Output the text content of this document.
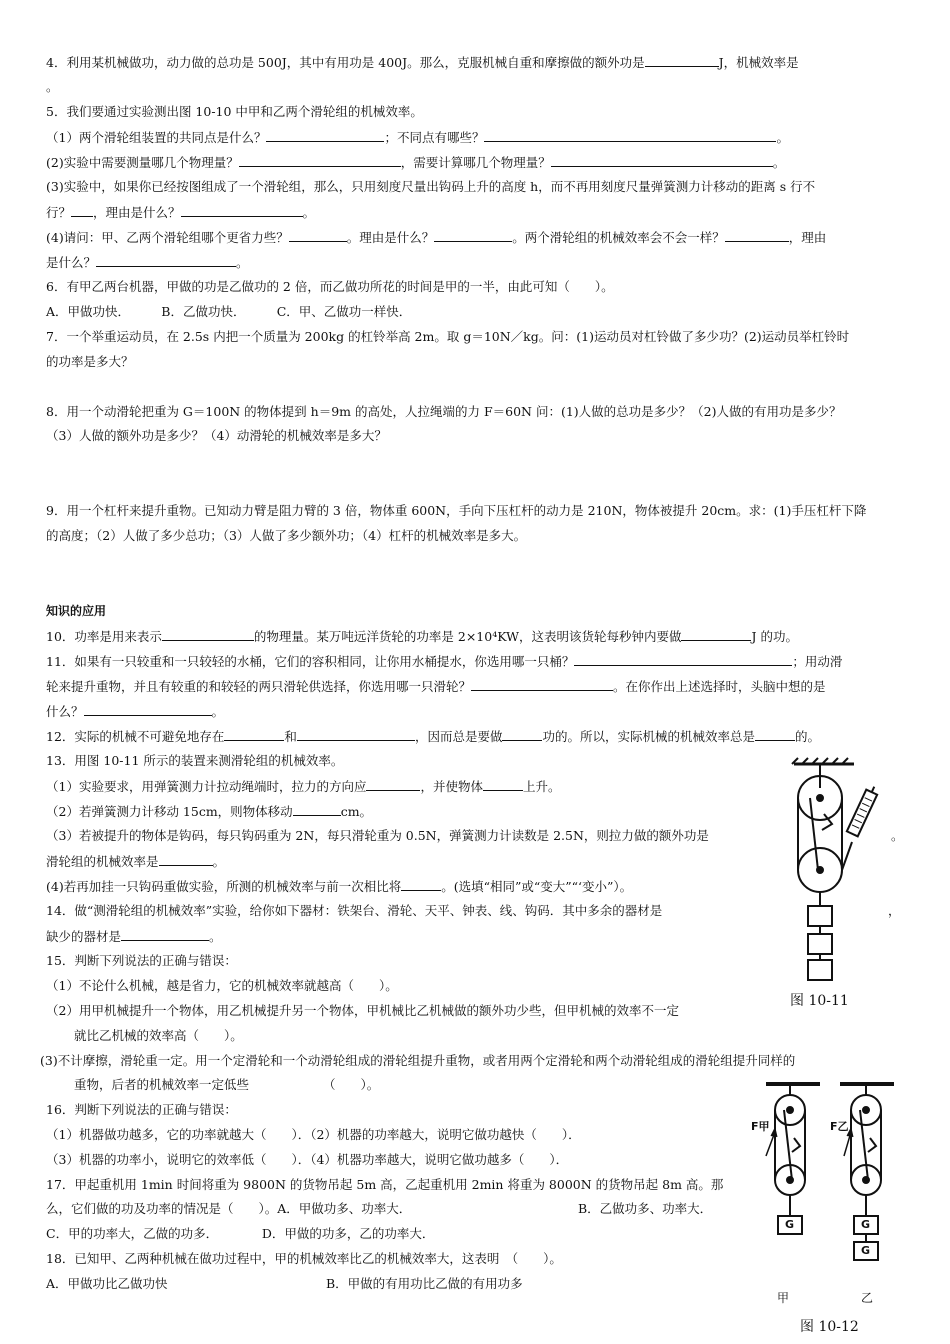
4．利用某机械做功，动力做的总功是 500J，其中有用功是 400J。那么，克服机械自重和摩擦做的额外功是	J，机械效率是
。
5．我们要通过实验测出图 10-10 中甲和乙两个滑轮组的机械效率。
（1）两个滑轮组装置的共同点是什么？	；不同点有哪些？	。
(2)实验中需要测量哪几个物理量？	，需要计算哪几个物理量？	。
(3)实验中，如果你已经按图组成了一个滑轮组，那么，只用刻度尺量出钩码上升的高度 h，而不再用刻度尺量弹簧测力计移动的距离 s 行不
行？ ，理由是什么？	。
(4)请问：甲、乙两个滑轮组哪个更省力些？	。理由是什么？	。两个滑轮组的机械效率会不会一样？	，理由
是什么？	。
6．有甲乙两台机器，甲做的功是乙做功的 2 倍，而乙做功所花的时间是甲的一半，由此可知（　　）。
A．甲做功快．　　　B．乙做功快．　　　C．甲、乙做功一样快．
7．一个举重运动员，在 2.5s 内把一个质量为 200kg 的杠铃举高 2m。取 g＝10N／kg。问：(1)运动员对杠铃做了多少功？(2)运动员举杠铃时
的功率是多大？
8．用一个动滑轮把重为 G＝100N 的物体提到 h＝9m 的高处，人拉绳端的力 F＝60N 问：(1)人做的总功是多少？（2)人做的有用功是多少？
（3）人做的额外功是多少？（4）动滑轮的机械效率是多大？
9．用一个杠杆来提升重物。已知动力臂是阻力臂的 3 倍，物体重 600N，手向下压杠杆的动力是 210N，物体被提升 20cm。求：(1)手压杠杆下降
的高度；（2）人做了多少总功；（3）人做了多少额外功；（4）杠杆的机械效率是多大。
知识的应用
10．功率是用来表示	的物理量。某万吨远洋货轮的功率是 2×10⁴KW，这表明该货轮每秒钟内要做	J 的功。
11．如果有一只较重和一只较轻的水桶，它们的容积相同，让你用水桶提水，你选用哪一只桶？	；用动滑
轮来提升重物，并且有较重的和较轻的两只滑轮供选择，你选用哪一只滑轮？	。在你作出上述选择时，头脑中想的是
什么？	。
12．实际的机械不可避免地存在	和	，因而总是要做	功的。所以，实际机械的机械效率总是	的。
13．用图 10-11 所示的装置来测滑轮组的机械效率。
（1）实验要求，用弹簧测力计拉动绳端时，拉力的方向应	，并使物体	上升。
（2）若弹簧测力计移动 15cm，则物体移动	cm。
（3）若被提升的物体是钩码，每只钩码重为 2N，每只滑轮重为 0.5N，弹簧测力计读数是 2.5N，则拉力做的额外功是	。
滑轮组的机械效率是	。
(4)若再加挂一只钩码重做实验，所测的机械效率与前一次相比将	。(选填“相同”或“变大”“‘变小”）。
14．做“测滑轮组的机械效率”实验，给你如下器材：铁架台、滑轮、天平、钟表、线、钩码．其中多余的器材是	，
缺少的器材是	。
15．判断下列说法的正确与错误：
（1）不论什么机械，越是省力，它的机械效率就越高（　　）。
（2）用甲机械提升一个物体，用乙机械提升另一个物体，甲机械比乙机械做的额外功少些，但甲机械的效率不一定
就比乙机械的效率高（　　）。
(3)不计摩擦，滑轮重一定。用一个定滑轮和一个动滑轮组成的滑轮组提升重物，或者用两个定滑轮和两个动滑轮组成的滑轮组提升同样的
重物，后者的机械效率一定低些	（　　）。
16．判断下列说法的正确与错误：
（1）机器做功越多，它的功率就越大（　　）．（2）机器的功率越大，说明它做功越快（　　）．
（3）机器的功率小，说明它的效率低（　　）．（4）机器功率越大，说明它做功越多（　　）．
17．甲起重机用 1min 时间将重为 9800N 的货物吊起 5m 高，乙起重机用 2min 将重为 8000N 的货物吊起 8m 高。那
么，它们做的功及功率的情况是（　　）。A．甲做功多、功率大．	B．乙做功多、功率大．
C．甲的功率大，乙做的功多．　　　　D．甲做的功多，乙的功率大．
18．已知甲、乙两种机械在做功过程中，甲的机械效率比乙的机械效率大，这表明　（　　）。
A．甲做功比乙做功快	B．甲做的有用功比乙做的有用功多
图 10-11
F甲	F乙
G	G
G
甲	乙
图 10-12
